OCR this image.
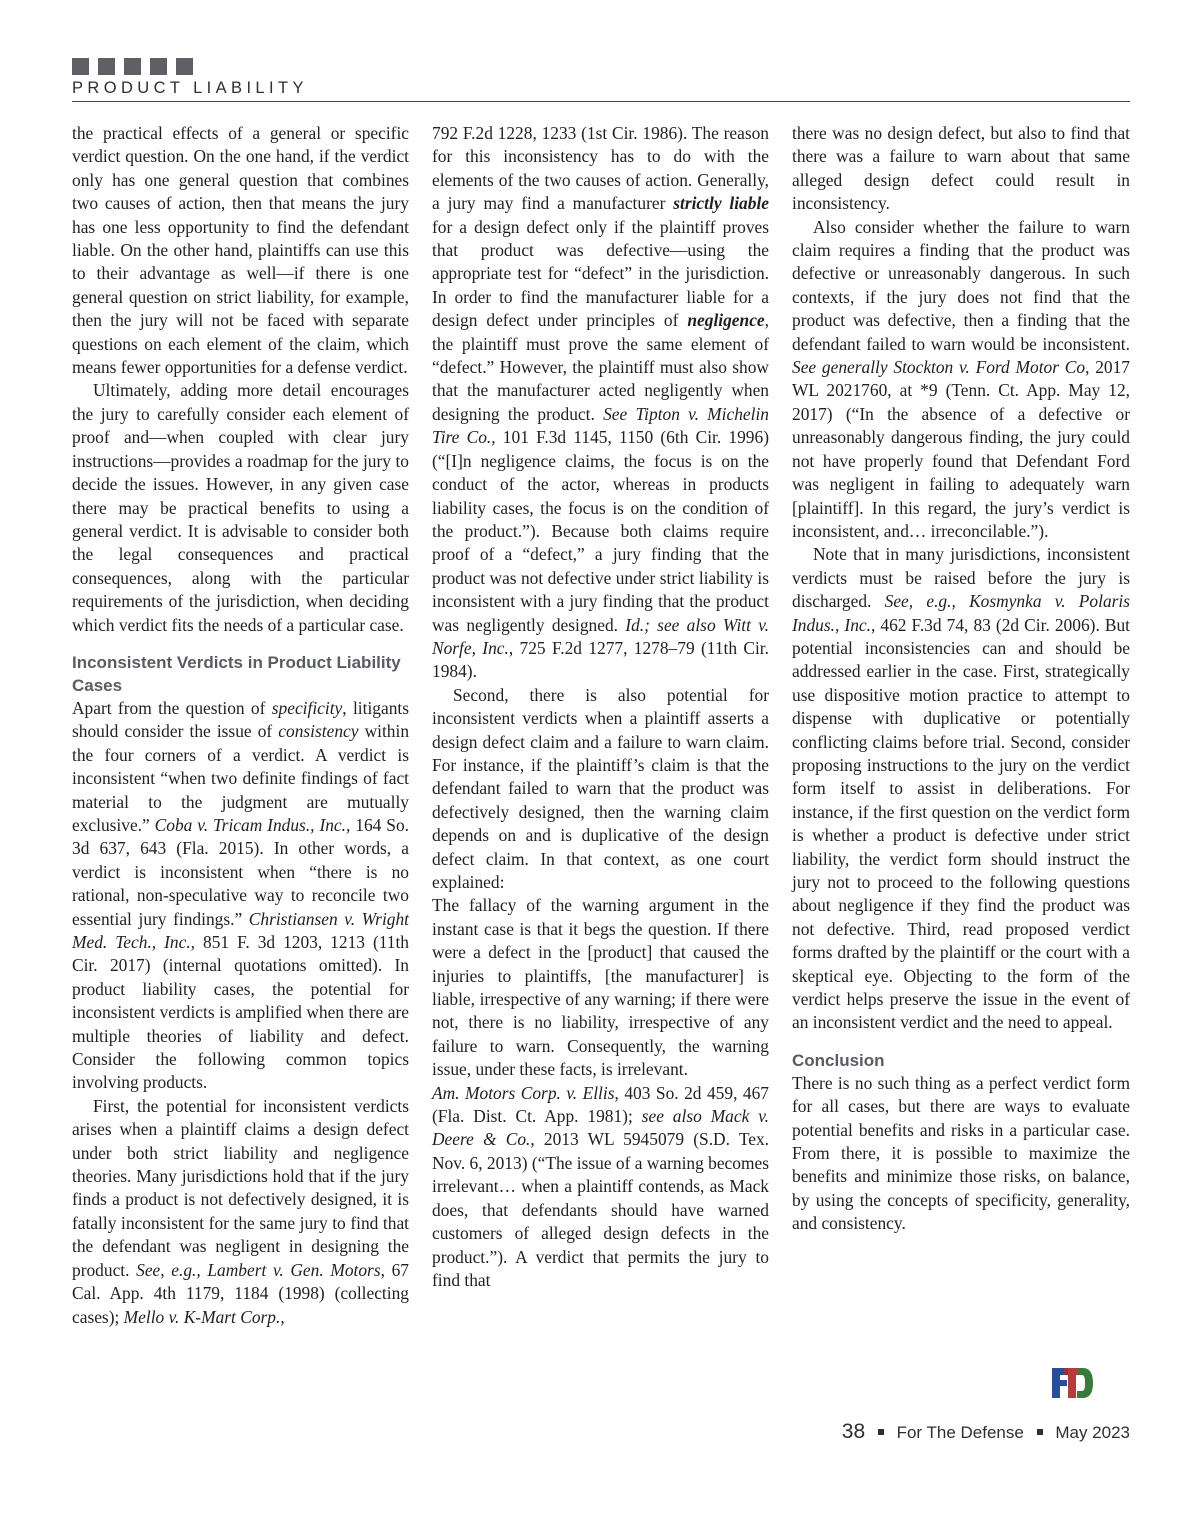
PRODUCT LIABILITY

the practical effects of a general or specific verdict question. On the one hand, if the verdict only has one general question that combines two causes of action, then that means the jury has one less opportunity to find the defendant liable. On the other hand, plaintiffs can use this to their advantage as well—if there is one general question on strict liability, for example, then the jury will not be faced with separate questions on each element of the claim, which means fewer opportunities for a defense verdict.

Ultimately, adding more detail encourages the jury to carefully consider each element of proof and—when coupled with clear jury instructions—provides a roadmap for the jury to decide the issues. However, in any given case there may be practical benefits to using a general verdict. It is advisable to consider both the legal consequences and practical consequences, along with the particular requirements of the jurisdiction, when deciding which verdict fits the needs of a particular case.

Inconsistent Verdicts in Product Liability Cases

Apart from the question of specificity, litigants should consider the issue of consistency within the four corners of a verdict. A verdict is inconsistent “when two definite findings of fact material to the judgment are mutually exclusive.” Coba v. Tricam Indus., Inc., 164 So. 3d 637, 643 (Fla. 2015). In other words, a verdict is inconsistent when “there is no rational, non-speculative way to reconcile two essential jury findings.” Christiansen v. Wright Med. Tech., Inc., 851 F. 3d 1203, 1213 (11th Cir. 2017) (internal quotations omitted). In product liability cases, the potential for inconsistent verdicts is amplified when there are multiple theories of liability and defect. Consider the following common topics involving products.

First, the potential for inconsistent verdicts arises when a plaintiff claims a design defect under both strict liability and negligence theories. Many jurisdictions hold that if the jury finds a product is not defectively designed, it is fatally inconsistent for the same jury to find that the defendant was negligent in designing the product. See, e.g., Lambert v. Gen. Motors, 67 Cal. App. 4th 1179, 1184 (1998) (collecting cases); Mello v. K-Mart Corp.,

792 F.2d 1228, 1233 (1st Cir. 1986). The reason for this inconsistency has to do with the elements of the two causes of action. Generally, a jury may find a manufacturer strictly liable for a design defect only if the plaintiff proves that product was defective—using the appropriate test for “defect” in the jurisdiction. In order to find the manufacturer liable for a design defect under principles of negligence, the plaintiff must prove the same element of “defect.” However, the plaintiff must also show that the manufacturer acted negligently when designing the product. See Tipton v. Michelin Tire Co., 101 F.3d 1145, 1150 (6th Cir. 1996) (“[I]n negligence claims, the focus is on the conduct of the actor, whereas in products liability cases, the focus is on the condition of the product.”). Because both claims require proof of a “defect,” a jury finding that the product was not defective under strict liability is inconsistent with a jury finding that the product was negligently designed. Id.; see also Witt v. Norfe, Inc., 725 F.2d 1277, 1278–79 (11th Cir. 1984).

Second, there is also potential for inconsistent verdicts when a plaintiff asserts a design defect claim and a failure to warn claim. For instance, if the plaintiff’s claim is that the defendant failed to warn that the product was defectively designed, then the warning claim depends on and is duplicative of the design defect claim. In that context, as one court explained:

The fallacy of the warning argument in the instant case is that it begs the question. If there were a defect in the [product] that caused the injuries to plaintiffs, [the manufacturer] is liable, irrespective of any warning; if there were not, there is no liability, irrespective of any failure to warn. Consequently, the warning issue, under these facts, is irrelevant.

Am. Motors Corp. v. Ellis, 403 So. 2d 459, 467 (Fla. Dist. Ct. App. 1981); see also Mack v. Deere & Co., 2013 WL 5945079 (S.D. Tex. Nov. 6, 2013) (“The issue of a warning becomes irrelevant… when a plaintiff contends, as Mack does, that defendants should have warned customers of alleged design defects in the product.”). A verdict that permits the jury to find that

there was no design defect, but also to find that there was a failure to warn about that same alleged design defect could result in inconsistency.

Also consider whether the failure to warn claim requires a finding that the product was defective or unreasonably dangerous. In such contexts, if the jury does not find that the product was defective, then a finding that the defendant failed to warn would be inconsistent. See generally Stockton v. Ford Motor Co, 2017 WL 2021760, at *9 (Tenn. Ct. App. May 12, 2017) (“In the absence of a defective or unreasonably dangerous finding, the jury could not have properly found that Defendant Ford was negligent in failing to adequately warn [plaintiff]. In this regard, the jury’s verdict is inconsistent, and… irreconcilable.”).

Note that in many jurisdictions, inconsistent verdicts must be raised before the jury is discharged. See, e.g., Kosmynka v. Polaris Indus., Inc., 462 F.3d 74, 83 (2d Cir. 2006). But potential inconsistencies can and should be addressed earlier in the case. First, strategically use dispositive motion practice to attempt to dispense with duplicative or potentially conflicting claims before trial. Second, consider proposing instructions to the jury on the verdict form itself to assist in deliberations. For instance, if the first question on the verdict form is whether a product is defective under strict liability, the verdict form should instruct the jury not to proceed to the following questions about negligence if they find the product was not defective. Third, read proposed verdict forms drafted by the plaintiff or the court with a skeptical eye. Objecting to the form of the verdict helps preserve the issue in the event of an inconsistent verdict and the need to appeal.

Conclusion

There is no such thing as a perfect verdict form for all cases, but there are ways to evaluate potential benefits and risks in a particular case. From there, it is possible to maximize the benefits and minimize those risks, on balance, by using the concepts of specificity, generality, and consistency.

38 For The Defense May 2023
